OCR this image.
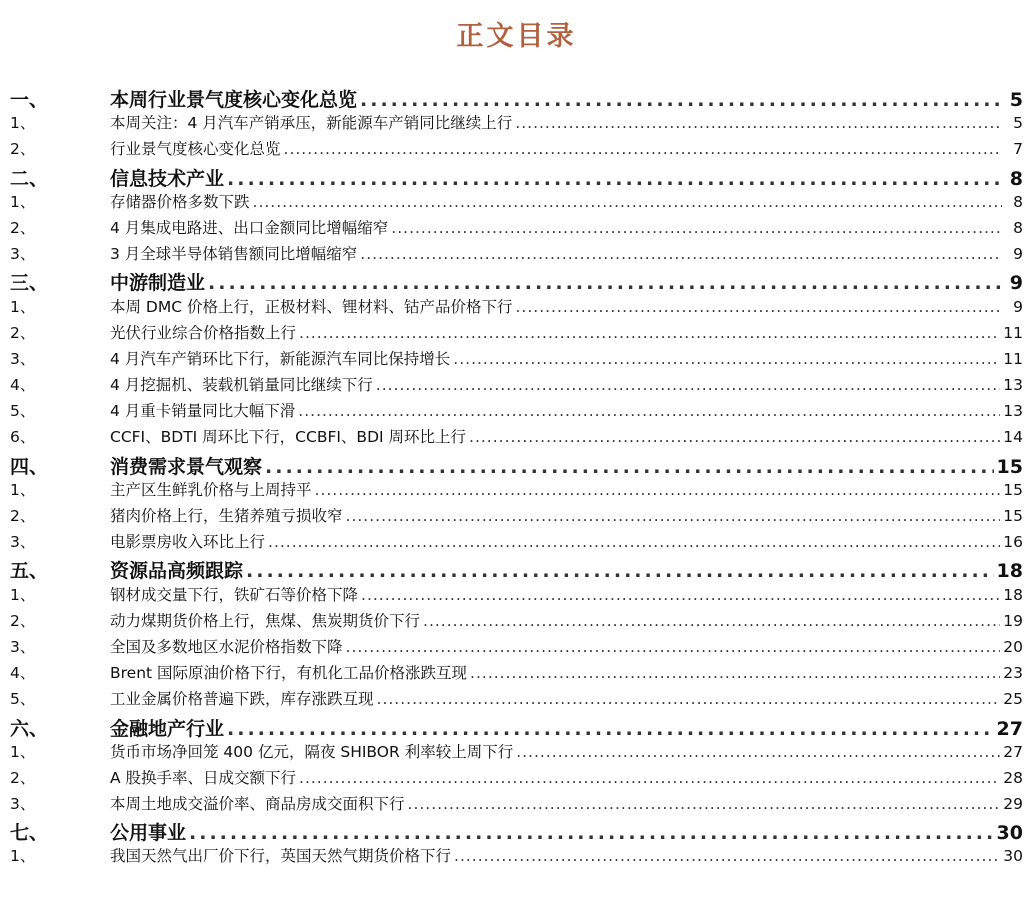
正文目录
一、	本周行业景气度核心变化总览 .....	5
1、	本周关注：4 月汽车产销承压，新能源车产销同比继续上行 .....	5
2、	行业景气度核心变化总览 .....	7
二、	信息技术产业 .....	8
1、	存储器价格多数下跌 .....	8
2、	4 月集成电路进、出口金额同比增幅缩窄 .....	8
3、	3 月全球半导体销售额同比增幅缩窄 .....	9
三、	中游制造业 .....	9
1、	本周 DMC 价格上行，正极材料、锂材料、钴产品价格下行 .....	9
2、	光伏行业综合价格指数上行 .....	11
3、	4 月汽车产销环比下行，新能源汽车同比保持增长 .....	11
4、	4 月挖掘机、装载机销量同比继续下行 .....	13
5、	4 月重卡销量同比大幅下滑 .....	13
6、	CCFI、BDTI 周环比下行，CCBFI、BDI 周环比上行 .....	14
四、	消费需求景气观察 .....	15
1、	主产区生鲜乳价格与上周持平 .....	15
2、	猪肉价格上行，生猪养殖亏损收窄 .....	15
3、	电影票房收入环比上行 .....	16
五、	资源品高频跟踪 .....	18
1、	钢材成交量下行，铁矿石等价格下降 .....	18
2、	动力煤期货价格上行，焦煤、焦炭期货价下行 .....	19
3、	全国及多数地区水泥价格指数下降 .....	20
4、	Brent 国际原油价格下行，有机化工品价格涨跌互现 .....	23
5、	工业金属价格普遍下跌，库存涨跌互现 .....	25
六、	金融地产行业 .....	27
1、	货币市场净回笼 400 亿元，隔夜 SHIBOR 利率较上周下行 .....	27
2、	A 股换手率、日成交额下行 .....	28
3、	本周土地成交溢价率、商品房成交面积下行 .....	29
七、	公用事业 .....	30
1、	我国天然气出厂价下行，英国天然气期货价格下行 .....	30
